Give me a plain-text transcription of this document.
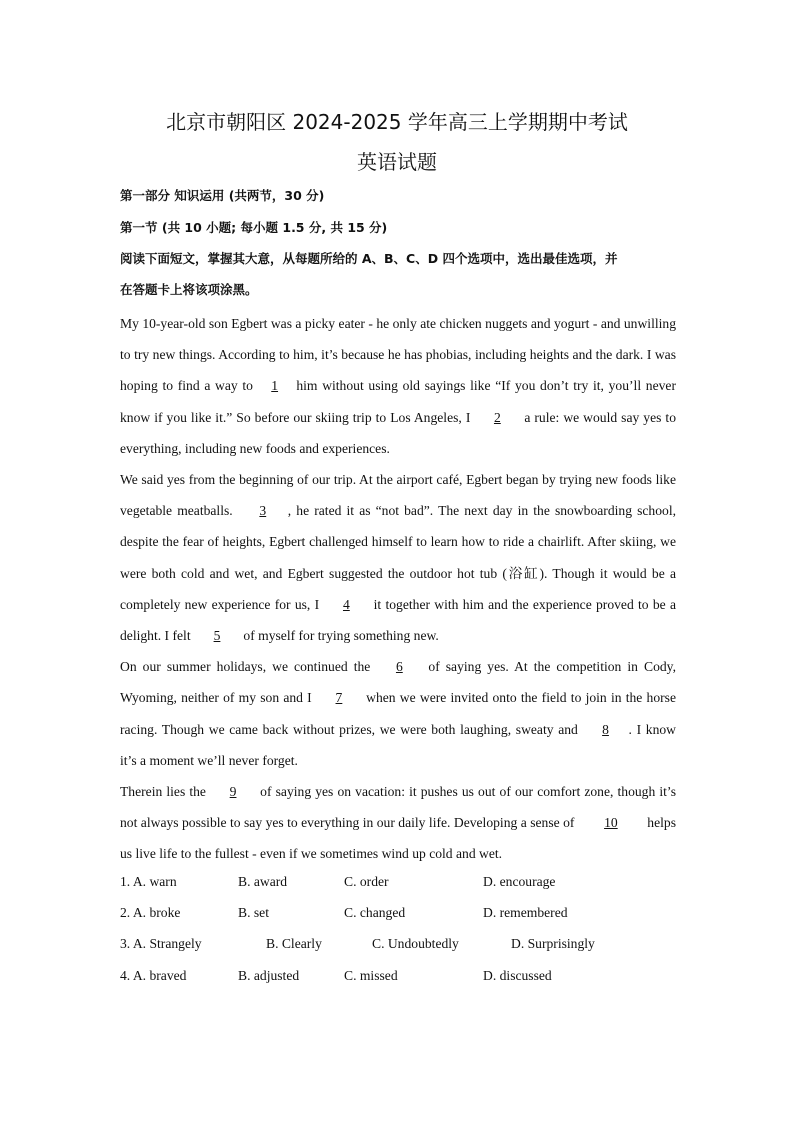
北京市朝阳区 2024-2025 学年高三上学期期中考试
英语试题
第一部分 知识运用 (共两节，30 分)
第一节 (共 10 小题; 每小题 1.5 分, 共 15 分)
阅读下面短文，掌握其大意，从每题所给的 A、B、C、D 四个选项中，选出最佳选项，并
在答题卡上将该项涂黑。

My 10-year-old son Egbert was a picky eater - he only ate chicken nuggets and yogurt - and unwilling to try new things. According to him, it’s because he has phobias, including heights and the dark. I was hoping to find a way to 1 him without using old sayings like “If you don’t try it, you’ll never know if you like it.” So before our skiing trip to Los Angeles, I 2 a rule: we would say yes to everything, including new foods and experiences.

We said yes from the beginning of our trip. At the airport café, Egbert began by trying new foods like vegetable meatballs. 3 , he rated it as “not bad”. The next day in the snowboarding school, despite the fear of heights, Egbert challenged himself to learn how to ride a chairlift. After skiing, we were both cold and wet, and Egbert suggested the outdoor hot tub (浴缸). Though it would be a completely new experience for us, I 4 it together with him and the experience proved to be a delight. I felt 5 of myself for trying something new.

On our summer holidays, we continued the 6 of saying yes. At the competition in Cody, Wyoming, neither of my son and I 7 when we were invited onto the field to join in the horse racing. Though we came back without prizes, we were both laughing, sweaty and 8 . I know it’s a moment we’ll never forget.

Therein lies the 9 of saying yes on vacation: it pushes us out of our comfort zone, though it’s not always possible to say yes to everything in our daily life. Developing a sense of 10 helps us live life to the fullest - even if we sometimes wind up cold and wet.

1. A. warn	B. award	C. order	D. encourage
2. A. broke	B. set	C. changed	D. remembered
3. A. Strangely	B. Clearly	C. Undoubtedly	D. Surprisingly
4. A. braved	B. adjusted	C. missed	D. discussed
